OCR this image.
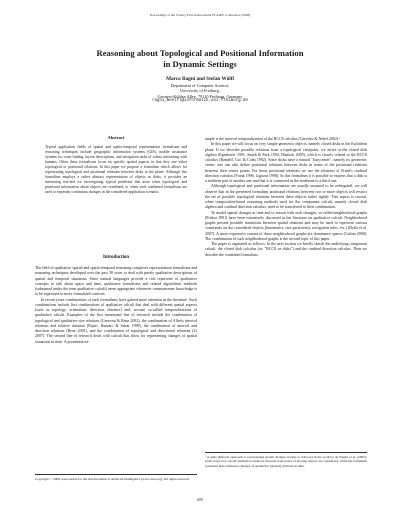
Proceedings of the Twenty-First International FLAIRS Conference (2008)
Reasoning about Topological and Positional Information
in Dynamic Settings
Marco Ragni and Stefan Wölfl
Department of Computer Science,
University of Freiburg,
Georges-Köhler-Allee, 79110 Freiburg, Germany
ragni,woelfl@informatik.uni-freiburg.de
Abstract
Typical application fields of spatial and spatio-temporal representation formalisms and reasoning techniques include geographic information systems (GIS), mobile assistance systems for route finding, layout descriptions, and navigation tasks of robots interacting with humans. Often these formalisms focus on specific spatial aspects in that they use either topological or positional relations. In this paper we propose a formalism which allows for representing topological and positional relations between disks in the plane. Although this formalism employs a rather abstract representation of objects as disks, it provides an interesting test-bed for investigating typical problems that arise when topological and positional information about objects are combined, or when such combined formalisms are used to represent continuous changes in the considered application scenario.
Introduction

The field of qualitative spatial and spatio-temporal reasoning comprises representation formalisms and reasoning techniques developed over the past 30 years to deal with purely qualitative descriptions of spatial and temporal situations. Since natural languages provide a rich repertoire of qualitative concepts to talk about space and time, qualitative formalisms and related algorithmic methods (subsumed under the term qualitative calculi) seem appropriate whenever commonsense knowledge is to be expressed in more formalized contexts.

In recent years combinations of such formalisms have gained more attention in the literature. Such combinations include first combinations of qualitative calculi that deal with different spatial aspects (such as topology, orientation, direction, distance) and, second, so-called temporalizations of qualitative calculi. Examples of the first mentioned line of research include the combination of topological and qualitative size relations (Gerevini & Renz 2002), the combination of Allen's interval relations and relative duration (Pujari, Kumari, & Sattar 1999), the combination of interval and direction relations (Renz 2001), and the combination of topological and directional relations (Li 2007). The second line of research deals with calculi that allow for representing changes of spatial situations in time. A prominent ex-

Copyright © 2008, Association for the Advancement of Artificial Intelligence (www.aaai.org). All rights reserved.

ample is the interval temporalization of the RCC8 calculus (Gerevini & Nebel 2002).¹

In this paper we will focus on very simple geometric objects, namely closed disks in the Euclidean plane. If we describe possible relations from a topological viewpoint, we arrive at the closed disk algebra (Egenhofer 1991; Smith & Park 1992; Düntsch 2005), which is closely related to the RCC8 calculus (Randell, Cui, & Cohn 1992). Since disks have a natural "barycenter", namely its geometric center, one can also define positional relations between disks in terms of the positional relations between their center points. For these positional relations we use the relations of Frank's cardinal direction calculus (Frank 1996; Ligozat 1998). In this formalism it is possible to express that a disk is a northern part of another one and that it is connected in the northeast to a third one.

Although topological and positional information are usually assumed to be orthogonal, we will observe that in the presented formalism positional relations between two or more objects will restrict the set of possible topological relations between these objects rather tightly. This aspect is crucial, when composition-based reasoning methods used for the component calculi, namely closed disk algebra and cardinal direction calculus, need to be transferred to their combination.

To model spatial changes in time and to reason with such changes, so-called neighborhood graphs (Freksa 1991) have been extensively discussed in the literature on qualitative calculi. Neighborhood graphs present possible transitions between spatial relations and may be used to represent various constraints on the considered objects (kinematics, size persistency, navigation rules, etc.) (Dylla et al. 2007). A more expressive variant of these neighborhood graphs are dominance spaces (Galton 2000). The combination of such neighborhood graphs is the second topic of this paper.

The paper is organized as follows: In the next section we briefly sketch the underlying component calculi, the closed disk calculus (or: "RCC8 on disks") and the cardinal direction calculus. Then we describe the combined formalism.

¹ A quite different approach to representing spatial changes in time is followed in the work by de Weghe et al. (2005): in the trajectory calculi qualitative relations between trajectories of moving objects are considered, while the formalism presented here addresses changes of qualitative (spatial) relations in time.
609
